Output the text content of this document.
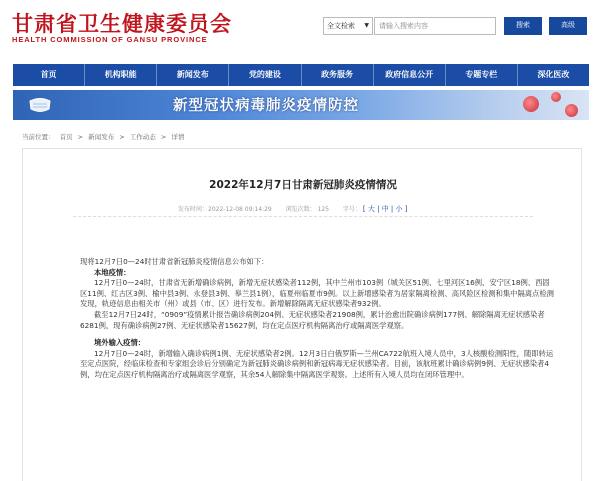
甘肃省卫生健康委员会
HEALTH COMMISSION OF GANSU PROVINCE
全文检索 ▼
请输入搜索内容	搜索	高级
首页	机构职能	新闻发布	党的建设	政务服务	政府信息公开	专题专栏	深化医改
新型冠状病毒肺炎疫情防控
当前位置： 首页 > 新闻发布 > 工作动态 > 详情
2022年12月7日甘肃新冠肺炎疫情情况
发布时间：2022-12-08 09:14:29 浏览次数： 125 字号： [ 大 | 中 | 小 ]

现将12月7日0—24时甘肃省新冠肺炎疫情信息公布如下：

本地疫情：

12月7日0—24时，甘肃省无新增确诊病例，新增无症状感染者112例，其中兰州市103例（城关区51例、七里河区16例、安宁区18例、西固区11例、红古区3例、榆中县3例、永登县3例、皋兰县1例），临夏州临夏市9例。以上新增感染者为居家隔离检测、高风险区检测和集中隔离点检测发现，轨迹信息由相关市（州）或县（市、区）进行发布。新增解除隔离无症状感染者932例。

截至12月7日24时，“0909”疫情累计报告确诊病例204例、无症状感染者21908例，累计治愈出院确诊病例177例、解除隔离无症状感染者6281例，现有确诊病例27例、无症状感染者15627例，均在定点医疗机构隔离治疗或隔离医学观察。

境外输入疫情：

12月7日0—24时，新增输入确诊病例1例、无症状感染者2例。12月3日白俄罗斯—兰州CA722航班入境人员中，3人核酸检测阳性，随即转运至定点医院，经临床检查和专家组会诊后分别确定为新冠肺炎确诊病例和新冠病毒无症状感染者。目前，该航班累计确诊病例9例、无症状感染者4例，均在定点医疗机构隔离治疗或隔离医学观察，其余54人解除集中隔离医学观察。上述所有入境人员均在闭环管理中。
